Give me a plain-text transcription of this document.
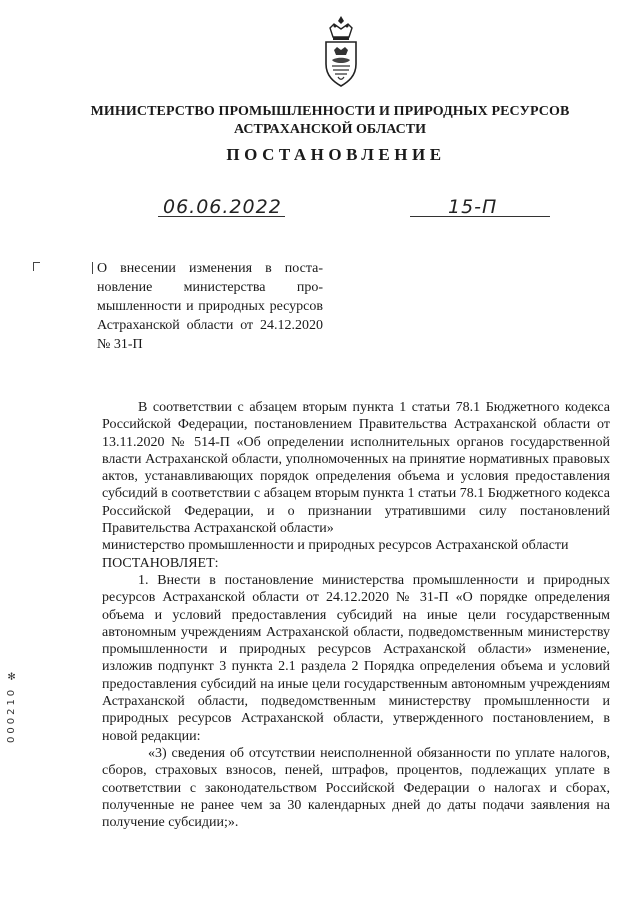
МИНИСТЕРСТВО ПРОМЫШЛЕННОСТИ И ПРИРОДНЫХ РЕСУРСОВ
АСТРАХАНСКОЙ ОБЛАСТИ
ПОСТАНОВЛЕНИЕ
06.06.2022	15-П
О внесении изменения в постановление министерства промышленности и природных ресурсов Астраханской области от 24.12.2020 № 31-П

В соответствии с абзацем вторым пункта 1 статьи 78.1 Бюджетного кодекса Российской Федерации, постановлением Правительства Астраханской области от 13.11.2020 № 514-П «Об определении исполнительных органов государственной власти Астраханской области, уполномоченных на принятие нормативных правовых актов, устанавливающих порядок определения объема и условия предоставления субсидий в соответствии с абзацем вторым пункта 1 статьи 78.1 Бюджетного кодекса Российской Федерации, и о признании утратившими силу постановлений Правительства Астраханской области»

министерство промышленности и природных ресурсов Астраханской области

ПОСТАНОВЛЯЕТ:

1. Внести в постановление министерства промышленности и природных ресурсов Астраханской области от 24.12.2020 № 31-П «О порядке определения объема и условий предоставления субсидий на иные цели государственным автономным учреждениям Астраханской области, подведомственным министерству промышленности и природных ресурсов Астраханской области» изменение, изложив подпункт 3 пункта 2.1 раздела 2 Порядка определения объема и условий предоставления субсидий на иные цели государственным автономным учреждениям Астраханской области, подведомственным министерству промышленности и природных ресурсов Астраханской области, утвержденного постановлением, в новой редакции:

«3) сведения об отсутствии неисполненной обязанности по уплате налогов, сборов, страховых взносов, пеней, штрафов, процентов, подлежащих уплате в соответствии с законодательством Российской Федерации о налогах и сборах, полученные не ранее чем за 30 календарных дней до даты подачи заявления на получение субсидии;».

000210 ✻
